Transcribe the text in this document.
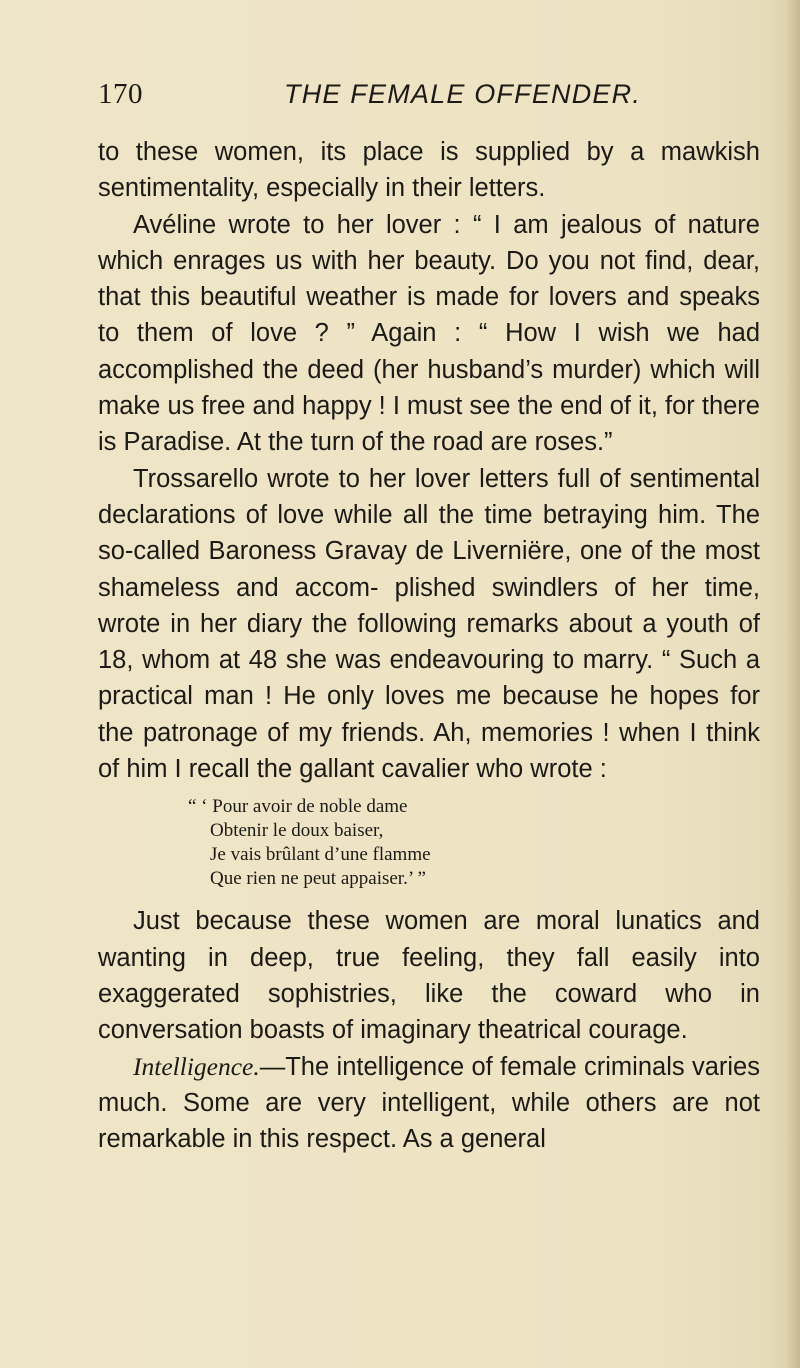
170	THE FEMALE OFFENDER.

to these women, its place is supplied by a mawkish sentimentality, especially in their letters.

Avéline wrote to her lover : “ I am jealous of nature which enrages us with her beauty. Do you not find, dear, that this beautiful weather is made for lovers and speaks to them of love ? ” Again : “ How I wish we had accomplished the deed (her husband’s murder) which will make us free and happy ! I must see the end of it, for there is Paradise. At the turn of the road are roses.”

Trossarello wrote to her lover letters full of sentimental declarations of love while all the time betraying him. The so-called Baroness Gravay de Liverniëre, one of the most shameless and accom- plished swindlers of her time, wrote in her diary the following remarks about a youth of 18, whom at 48 she was endeavouring to marry. “ Such a practical man ! He only loves me because he hopes for the patronage of my friends. Ah, memories ! when I think of him I recall the gallant cavalier who wrote :

“ ‘ Pour avoir de noble dame
Obtenir le doux baiser,
Je vais brûlant d’une flamme
Que rien ne peut appaiser.’ ”

Just because these women are moral lunatics and wanting in deep, true feeling, they fall easily into exaggerated sophistries, like the coward who in conversation boasts of imaginary theatrical courage.

Intelligence.—The intelligence of female criminals varies much. Some are very intelligent, while others are not remarkable in this respect. As a general
